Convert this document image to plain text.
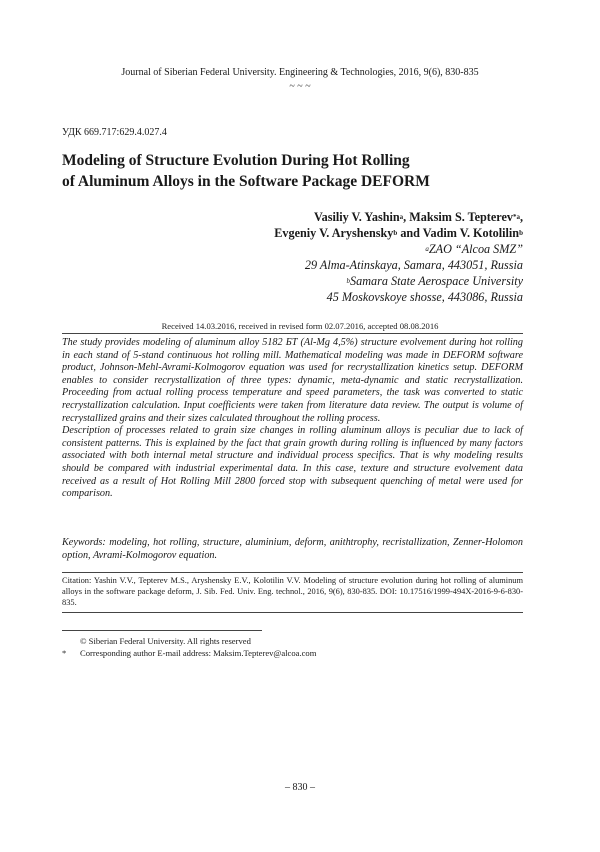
Journal of Siberian Federal University. Engineering & Technologies, 2016, 9(6), 830-835
~ ~ ~
УДК 669.717:629.4.027.4
Modeling of Structure Evolution During Hot Rolling
of Aluminum Alloys in the Software Package DEFORM
Vasiliy V. Yashin$^a$, Maksim S. Tepterev$^{*a}$,
Evgeniy V. Aryshensky$^b$ and Vadim V. Kotolilin$^b$
$^a$ZAO “Alcoa SMZ”
29 Alma-Atinskaya, Samara, 443051, Russia
$^b$Samara State Aerospace University
45 Moskovskoye shosse, 443086, Russia
Received 14.03.2016, received in revised form 02.07.2016, accepted 08.08.2016

The study provides modeling of aluminum alloy 5182 БТ (Al-Mg 4,5%) structure evolvement during hot rolling in each stand of 5-stand continuous hot rolling mill. Mathematical modeling was made in DEFORM software product, Johnson-Mehl-Avrami-Kolmogorov equation was used for recrystallization kinetics setup. DEFORM enables to consider recrystallization of three types: dynamic, meta-dynamic and static recrystallization. Proceeding from actual rolling process temperature and speed parameters, the task was converted to static recrystallization calculation. Input coefficients were taken from literature data review. The output is volume of recrystallized grains and their sizes calculated throughout the rolling process.

Description of processes related to grain size changes in rolling aluminum alloys is peculiar due to lack of consistent patterns. This is explained by the fact that grain growth during rolling is influenced by many factors associated with both internal metal structure and individual process specifics. That is why modeling results should be compared with industrial experimental data. In this case, texture and structure evolvement data received as a result of Hot Rolling Mill 2800 forced stop with subsequent quenching of metal were used for comparison.

Keywords: modeling, hot rolling, structure, aluminium, deform, anithtrophy, recristallization, Zenner-Holomon option, Avrami-Kolmogorov equation.
Citation: Yashin V.V., Tepterev M.S., Aryshensky E.V., Kolotilin V.V. Modeling of structure evolution during hot rolling of aluminum alloys in the software package deform, J. Sib. Fed. Univ. Eng. technol., 2016, 9(6), 830-835. DOI: 10.17516/1999-494X-2016-9-6-830-835.
© Siberian Federal University. All rights reserved
* Corresponding author E-mail address: Maksim.Tepterev@alcoa.com
– 830 –
